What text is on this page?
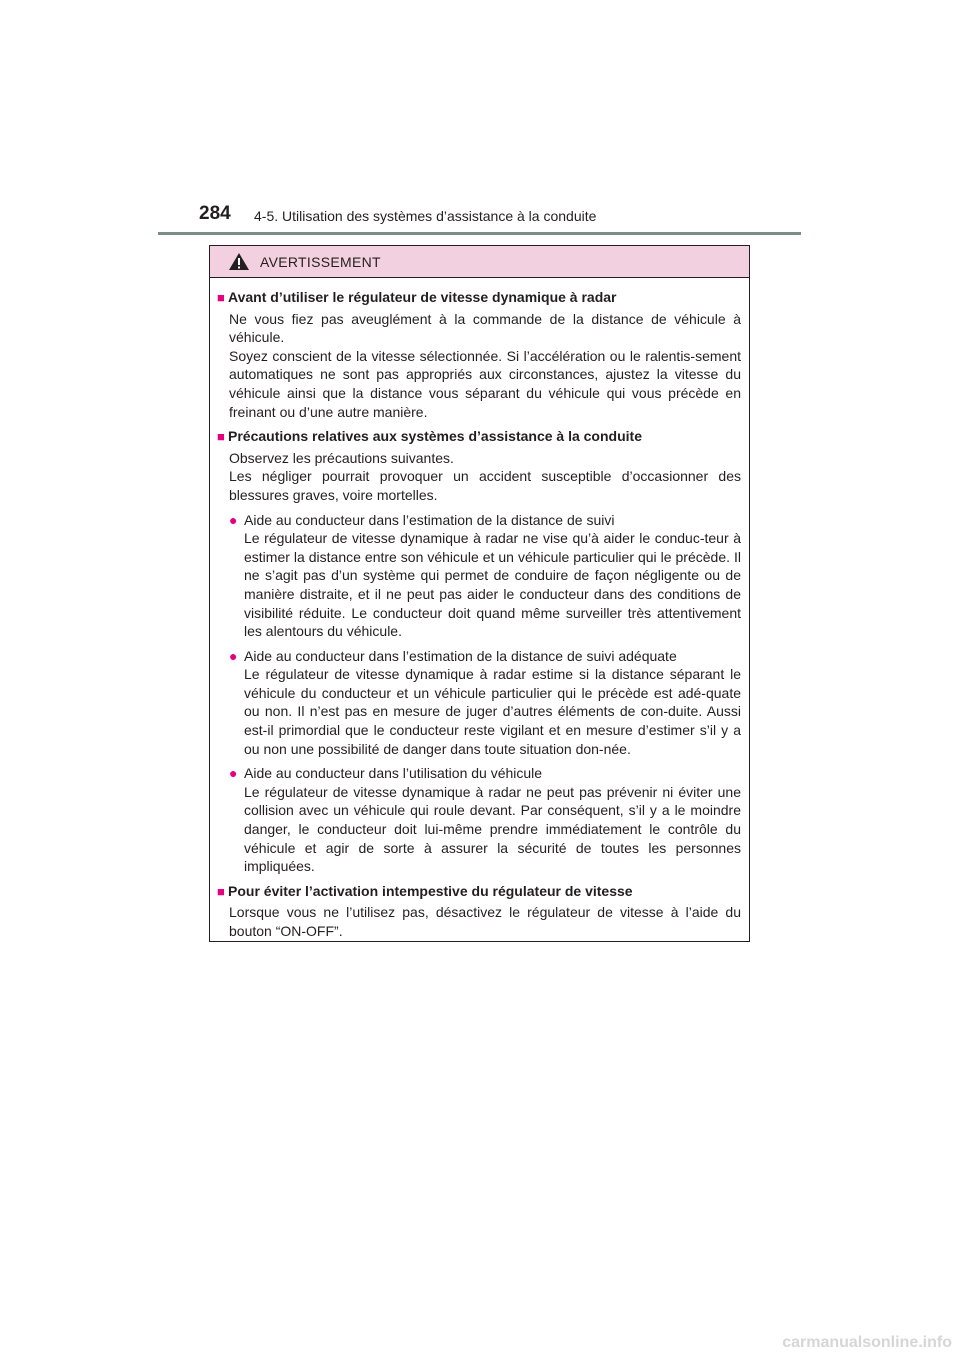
284 4-5. Utilisation des systèmes d’assistance à la conduite
AVERTISSEMENT
■ Avant d’utiliser le régulateur de vitesse dynamique à radar

Ne vous fiez pas aveuglément à la commande de la distance de véhicule à véhicule.

Soyez conscient de la vitesse sélectionnée. Si l’accélération ou le ralentis-sement automatiques ne sont pas appropriés aux circonstances, ajustez la vitesse du véhicule ainsi que la distance vous séparant du véhicule qui vous précède en freinant ou d’une autre manière.

■ Précautions relatives aux systèmes d’assistance à la conduite

Observez les précautions suivantes.

Les négliger pourrait provoquer un accident susceptible d’occasionner des blessures graves, voire mortelles.

● Aide au conducteur dans l’estimation de la distance de suivi
Le régulateur de vitesse dynamique à radar ne vise qu’à aider le conduc-teur à estimer la distance entre son véhicule et un véhicule particulier qui le précède. Il ne s’agit pas d’un système qui permet de conduire de façon négligente ou de manière distraite, et il ne peut pas aider le conducteur dans des conditions de visibilité réduite. Le conducteur doit quand même surveiller très attentivement les alentours du véhicule.
● Aide au conducteur dans l’estimation de la distance de suivi adéquate
Le régulateur de vitesse dynamique à radar estime si la distance séparant le véhicule du conducteur et un véhicule particulier qui le précède est adé-quate ou non. Il n’est pas en mesure de juger d’autres éléments de con-duite. Aussi est-il primordial que le conducteur reste vigilant et en mesure d’estimer s’il y a ou non une possibilité de danger dans toute situation don-née.
● Aide au conducteur dans l’utilisation du véhicule
Le régulateur de vitesse dynamique à radar ne peut pas prévenir ni éviter une collision avec un véhicule qui roule devant. Par conséquent, s’il y a le moindre danger, le conducteur doit lui-même prendre immédiatement le contrôle du véhicule et agir de sorte à assurer la sécurité de toutes les personnes impliquées.
■ Pour éviter l’activation intempestive du régulateur de vitesse

Lorsque vous ne l’utilisez pas, désactivez le régulateur de vitesse à l’aide du bouton “ON-OFF”.

carmanualsonline.info
